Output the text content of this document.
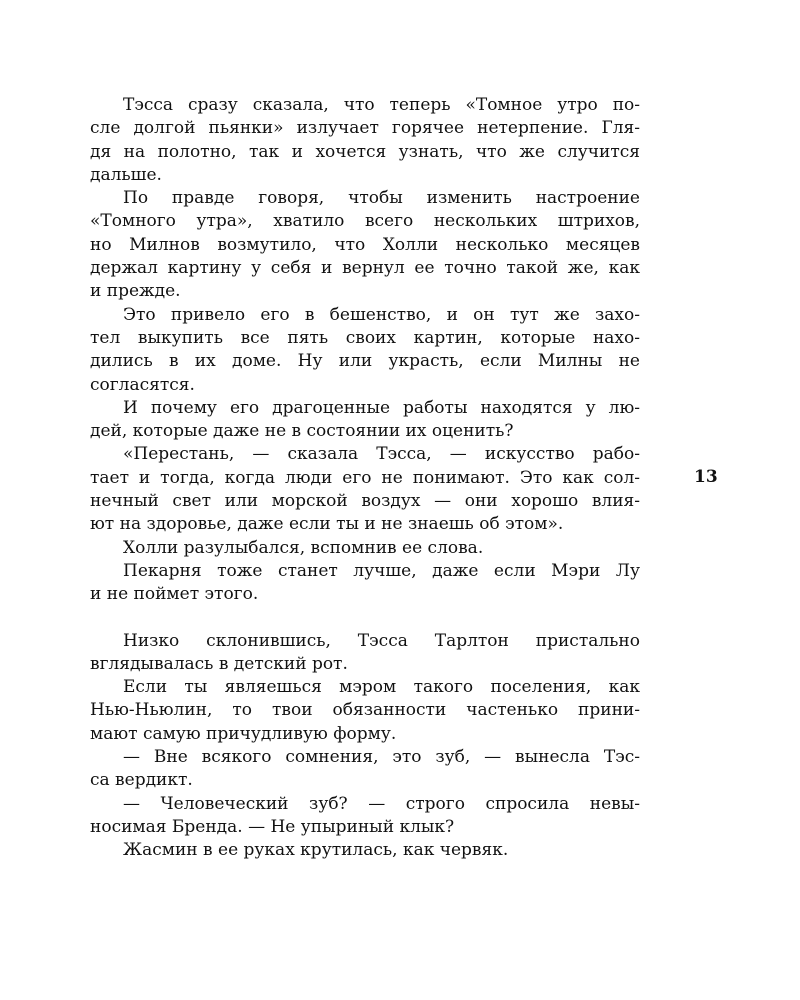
Тэсса сразу сказала, что теперь «Томное утро по-
сле долгой пьянки» излучает горячее нетерпение. Гля-
дя на полотно, так и хочется узнать, что же случится
дальше.
По правде говоря, чтобы изменить настроение
«Томного утра», хватило всего нескольких штрихов,
но Милнов возмутило, что Холли несколько месяцев
держал картину у себя и вернул ее точно такой же, как
и прежде.
Это привело его в бешенство, и он тут же захо-
тел выкупить все пять своих картин, которые нахо-
дились в их доме. Ну или украсть, если Милны не
согласятся.
И почему его драгоценные работы находятся у лю-
дей, которые даже не в состоянии их оценить?
«Перестань, — сказала Тэсса, — искусство рабо-
тает и тогда, когда люди его не понимают. Это как сол-
нечный свет или морской воздух — они хорошо влия-
ют на здоровье, даже если ты и не знаешь об этом».
Холли разулыбался, вспомнив ее слова.
Пекарня тоже станет лучше, даже если Мэри Лу
и не поймет этого.
Низко склонившись, Тэсса Тарлтон пристально
вглядывалась в детский рот.
Если ты являешься мэром такого поселения, как
Нью-Ньюлин, то твои обязанности частенько прини-
мают самую причудливую форму.
— Вне всякого сомнения, это зуб, — вынесла Тэс-
са вердикт.
— Человеческий зуб? — строго спросила невы-
носимая Бренда. — Не упыриный клык?
Жасмин в ее руках крутилась, как червяк.
13
